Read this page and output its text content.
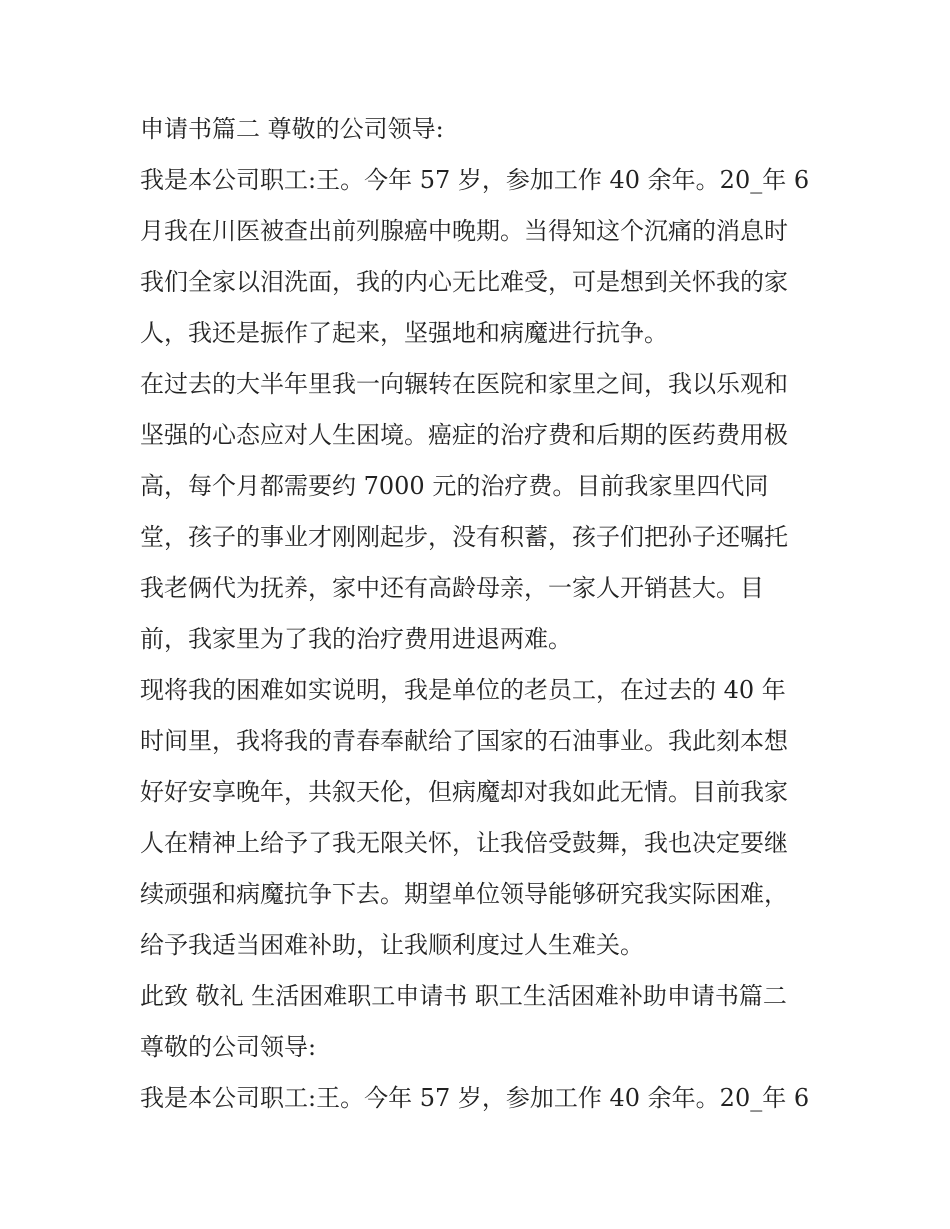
申请书篇二 尊敬的公司领导:
我是本公司职工:王。今年 57 岁，参加工作 40 余年。20_年 6
月我在川医被查出前列腺癌中晚期。当得知这个沉痛的消息时
我们全家以泪洗面，我的内心无比难受，可是想到关怀我的家
人，我还是振作了起来，坚强地和病魔进行抗争。
在过去的大半年里我一向辗转在医院和家里之间，我以乐观和
坚强的心态应对人生困境。癌症的治疗费和后期的医药费用极
高，每个月都需要约 7000 元的治疗费。目前我家里四代同
堂，孩子的事业才刚刚起步，没有积蓄，孩子们把孙子还嘱托
我老俩代为抚养，家中还有高龄母亲，一家人开销甚大。目
前，我家里为了我的治疗费用进退两难。
现将我的困难如实说明，我是单位的老员工，在过去的 40 年
时间里，我将我的青春奉献给了国家的石油事业。我此刻本想
好好安享晚年，共叙天伦，但病魔却对我如此无情。目前我家
人在精神上给予了我无限关怀，让我倍受鼓舞，我也决定要继
续顽强和病魔抗争下去。期望单位领导能够研究我实际困难，
给予我适当困难补助，让我顺利度过人生难关。
此致 敬礼 生活困难职工申请书 职工生活困难补助申请书篇二
尊敬的公司领导:
我是本公司职工:王。今年 57 岁，参加工作 40 余年。20_年 6
